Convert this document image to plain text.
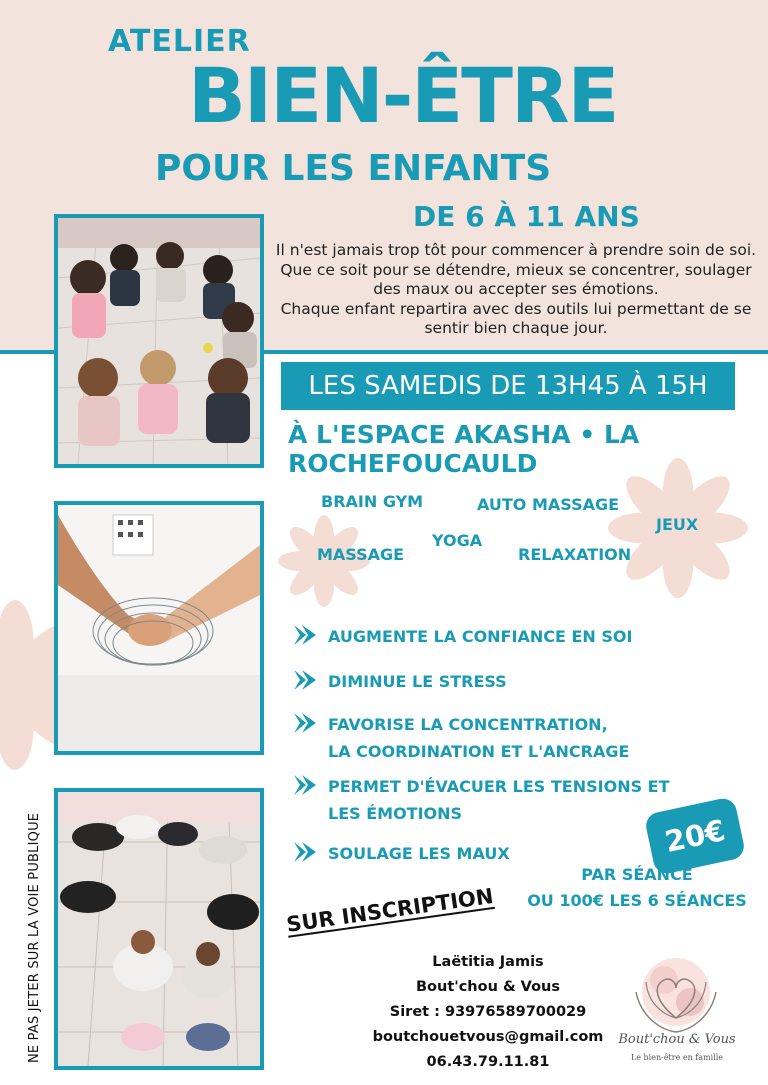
ATELIER
BIEN-ÊTRE
POUR LES ENFANTS
DE 6 À 11 ANS
Il n'est jamais trop tôt pour commencer à prendre soin de soi.
Que ce soit pour se détendre, mieux se concentrer, soulager
des maux ou accepter ses émotions.
Chaque enfant repartira avec des outils lui permettant de se
sentir bien chaque jour.
LES SAMEDIS DE 13H45 À 15H
À L'ESPACE AKASHA • LA ROCHEFOUCAULD
BRAIN GYM	AUTO MASSAGE
JEUX
YOGA
MASSAGE	RELAXATION
AUGMENTE LA CONFIANCE EN SOI
DIMINUE LE STRESS
FAVORISE LA CONCENTRATION,
LA COORDINATION ET L'ANCRAGE
PERMET D'ÉVACUER LES TENSIONS ET
LES ÉMOTIONS
SOULAGE LES MAUX	20€
PAR SÉANCE
OU 100€ LES 6 SÉANCES
SUR INSCRIPTION
Laëtitia Jamis
Bout'chou & Vous
Siret : 93976589700029
boutchouetvous@gmail.com
06.43.79.11.81
Bout'chou & Vous
Le bien-être en famille
NE PAS JETER SUR LA VOIE PUBLIQUE
